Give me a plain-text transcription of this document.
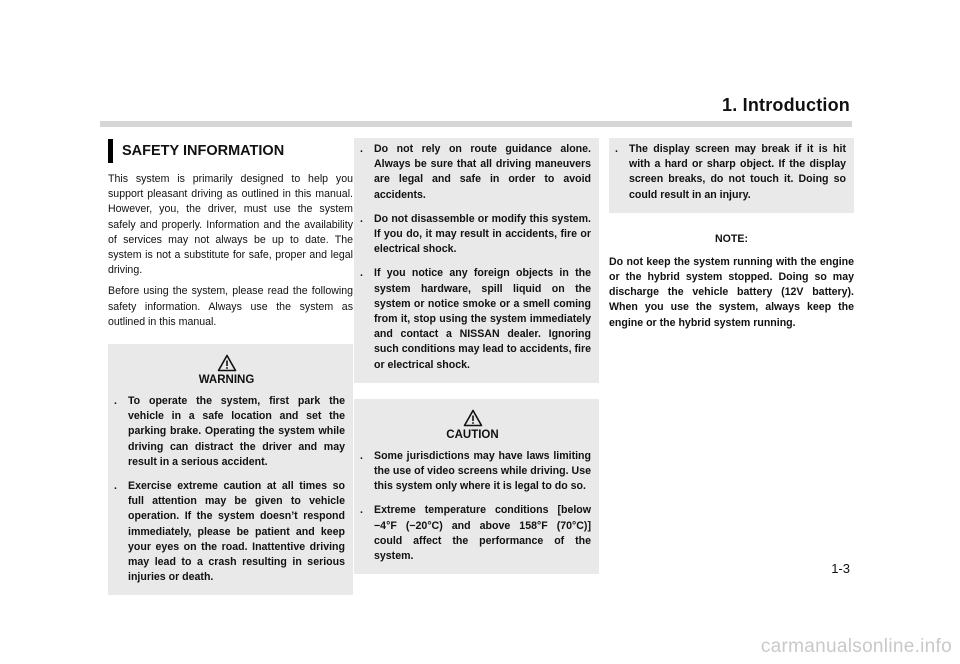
1. Introduction
SAFETY INFORMATION

This system is primarily designed to help you support pleasant driving as outlined in this manual. However, you, the driver, must use the system safely and properly. Information and the availability of services may not always be up to date. The system is not a substitute for safe, proper and legal driving.

Before using the system, please read the following safety information. Always use the system as outlined in this manual.

WARNING
. To operate the system, first park the vehicle in a safe location and set the parking brake. Operating the system while driving can distract the driver and may result in a serious accident.
. Exercise extreme caution at all times so full attention may be given to vehicle operation. If the system doesn’t respond immediately, please be patient and keep your eyes on the road. Inattentive driving may lead to a crash resulting in serious injuries or death.
. Do not rely on route guidance alone. Always be sure that all driving maneuvers are legal and safe in order to avoid accidents.
. Do not disassemble or modify this system. If you do, it may result in accidents, fire or electrical shock.
. If you notice any foreign objects in the system hardware, spill liquid on the system or notice smoke or a smell coming from it, stop using the system immediately and contact a NISSAN dealer. Ignoring such conditions may lead to accidents, fire or electrical shock.
CAUTION
. Some jurisdictions may have laws limiting the use of video screens while driving. Use this system only where it is legal to do so.
. Extreme temperature conditions [below −4°F (−20°C) and above 158°F (70°C)] could affect the performance of the system.
. The display screen may break if it is hit with a hard or sharp object. If the display screen breaks, do not touch it. Doing so could result in an injury.
NOTE:

Do not keep the system running with the engine or the hybrid system stopped. Doing so may discharge the vehicle battery (12V battery). When you use the system, always keep the engine or the hybrid system running.

1-3
carmanualsonline.info
